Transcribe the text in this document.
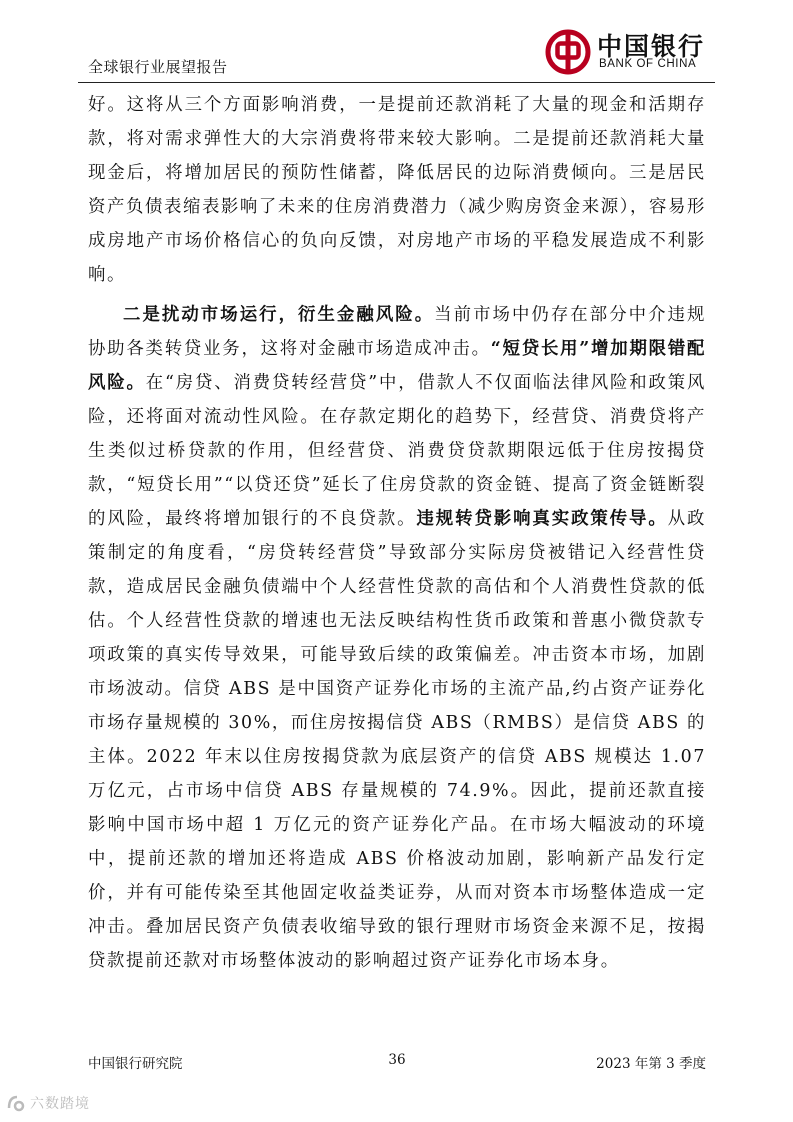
全球银行业展望报告
中国银行
BANK OF CHINA

好。这将从三个方面影响消费，一是提前还款消耗了大量的现金和活期存款，将对需求弹性大的大宗消费将带来较大影响。二是提前还款消耗大量现金后，将增加居民的预防性储蓄，降低居民的边际消费倾向。三是居民资产负债表缩表影响了未来的住房消费潜力（减少购房资金来源），容易形成房地产市场价格信心的负向反馈，对房地产市场的平稳发展造成不利影响。

二是扰动市场运行，衍生金融风险。当前市场中仍存在部分中介违规协助各类转贷业务，这将对金融市场造成冲击。“短贷长用”增加期限错配风险。在“房贷、消费贷转经营贷”中，借款人不仅面临法律风险和政策风险，还将面对流动性风险。在存款定期化的趋势下，经营贷、消费贷将产生类似过桥贷款的作用，但经营贷、消费贷贷款期限远低于住房按揭贷款，“短贷长用”“以贷还贷”延长了住房贷款的资金链、提高了资金链断裂的风险，最终将增加银行的不良贷款。违规转贷影响真实政策传导。从政策制定的角度看，“房贷转经营贷”导致部分实际房贷被错记入经营性贷款，造成居民金融负债端中个人经营性贷款的高估和个人消费性贷款的低估。个人经营性贷款的增速也无法反映结构性货币政策和普惠小微贷款专项政策的真实传导效果，可能导致后续的政策偏差。冲击资本市场，加剧市场波动。信贷 ABS 是中国资产证券化市场的主流产品,约占资产证券化市场存量规模的 30%，而住房按揭信贷 ABS（RMBS）是信贷 ABS 的主体。2022 年末以住房按揭贷款为底层资产的信贷 ABS 规模达 1.07 万亿元，占市场中信贷 ABS 存量规模的 74.9%。因此，提前还款直接影响中国市场中超 1 万亿元的资产证券化产品。在市场大幅波动的环境中，提前还款的增加还将造成 ABS 价格波动加剧，影响新产品发行定价，并有可能传染至其他固定收益类证券，从而对资本市场整体造成一定冲击。叠加居民资产负债表收缩导致的银行理财市场资金来源不足，按揭贷款提前还款对市场整体波动的影响超过资产证券化市场本身。

中国银行研究院	36	2023 年第 3 季度
六数踏境
